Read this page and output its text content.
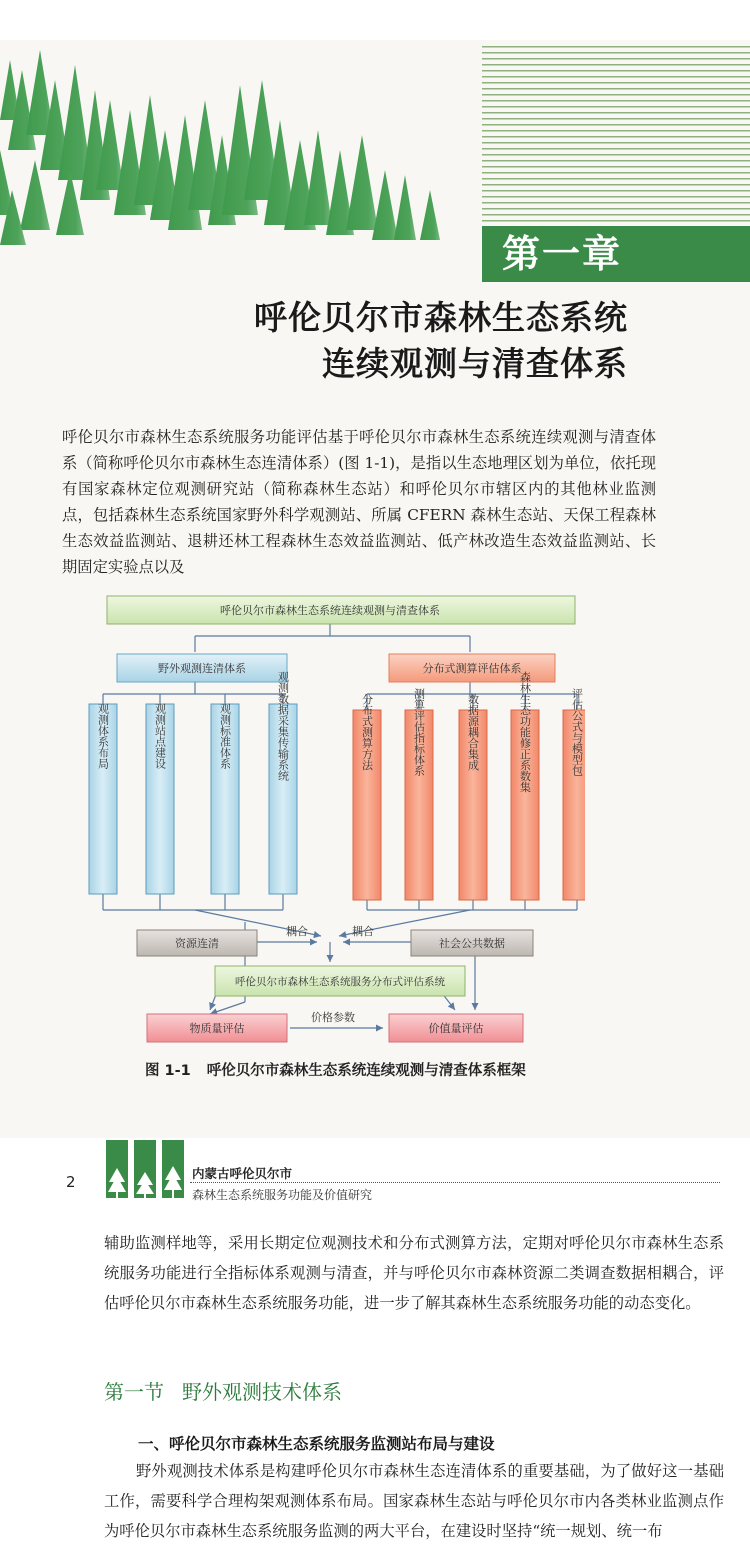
第一章
呼伦贝尔市森林生态系统
连续观测与清查体系
呼伦贝尔市森林生态系统服务功能评估基于呼伦贝尔市森林生态系统连续观测与清查体系（简称呼伦贝尔市森林生态连清体系）(图 1-1)，是指以生态地理区划为单位，依托现有国家森林定位观测研究站（简称森林生态站）和呼伦贝尔市辖区内的其他林业监测点，包括森林生态系统国家野外科学观测站、所属 CFERN 森林生态站、天保工程森林生态效益监测站、退耕还林工程森林生态效益监测站、低产林改造生态效益监测站、长期固定实验点以及
呼伦贝尔市森林生态系统连续观测与清查体系
野外观测连清体系	分布式测算评估体系
观测体系布局	观测站点建设	观测标准体系	观测数据采集传输系统	分布式测算方法	测算评估指标体系	数据源耦合集成	森林生态功能修正系数集	评估公式与模型包
资源连清	社会公共数据
耦合	耦合
呼伦贝尔市森林生态系统服务分布式评估系统
物质量评估	价值量评估
价格参数
图 1-1 呼伦贝尔市森林生态系统连续观测与清查体系框架
2	内蒙古呼伦贝尔市
森林生态系统服务功能及价值研究
辅助监测样地等，采用长期定位观测技术和分布式测算方法，定期对呼伦贝尔市森林生态系统服务功能进行全指标体系观测与清查，并与呼伦贝尔市森林资源二类调查数据相耦合，评估呼伦贝尔市森林生态系统服务功能，进一步了解其森林生态系统服务功能的动态变化。
第一节 野外观测技术体系
一、呼伦贝尔市森林生态系统服务监测站布局与建设
野外观测技术体系是构建呼伦贝尔市森林生态连清体系的重要基础，为了做好这一基础工作，需要科学合理构架观测体系布局。国家森林生态站与呼伦贝尔市内各类林业监测点作为呼伦贝尔市森林生态系统服务监测的两大平台，在建设时坚持“统一规划、统一布
